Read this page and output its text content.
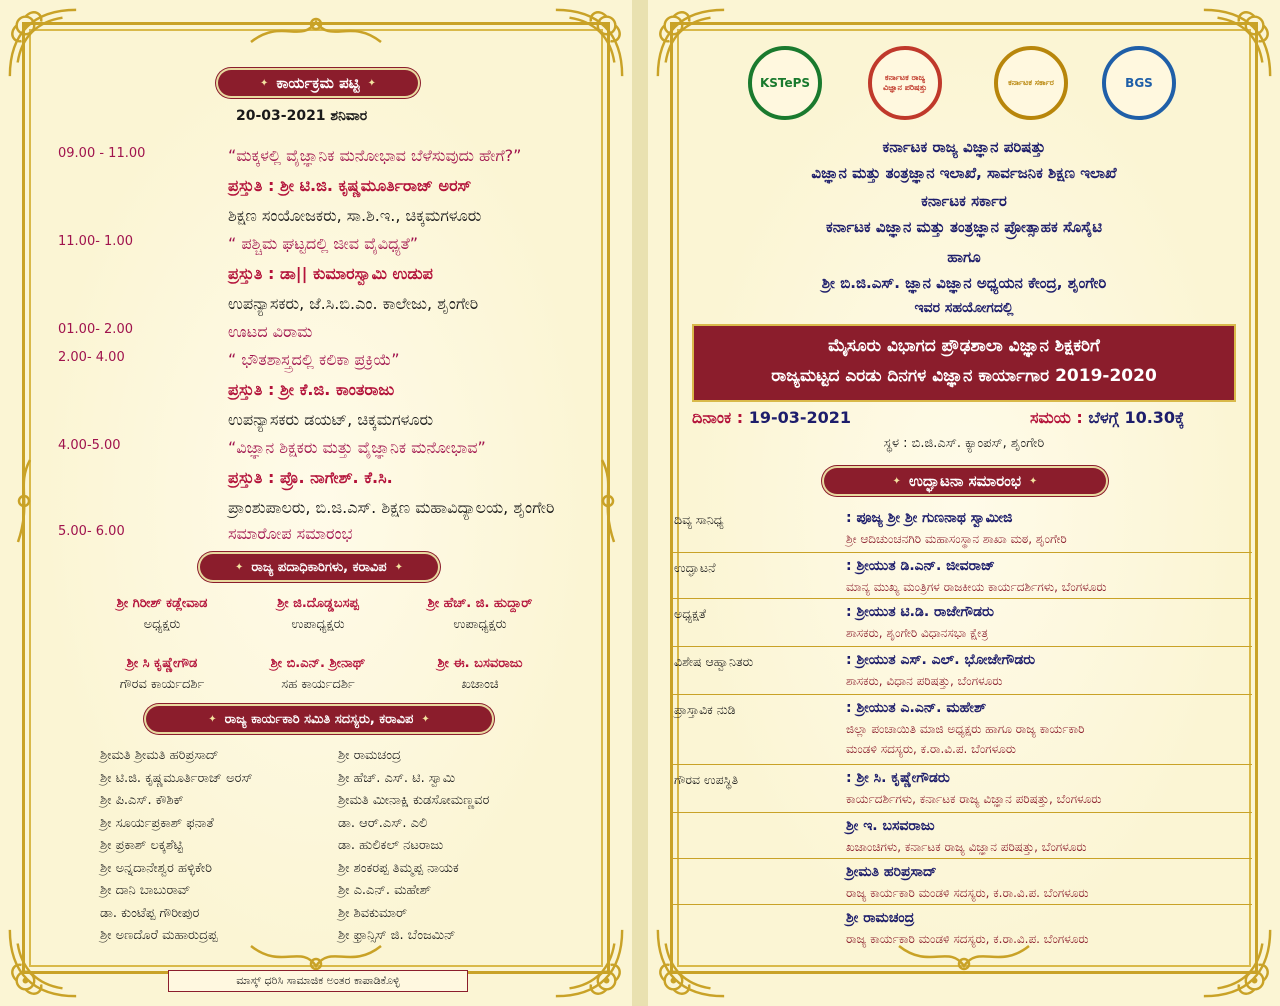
✦ ಕಾರ್ಯಕ್ರಮ ಪಟ್ಟಿ
✦
20-03-2021 ಶನಿವಾರ
09.00 - 11.00	“ಮಕ್ಕಳಲ್ಲಿ ವೈಜ್ಞಾನಿಕ ಮನೋಭಾವ ಬೆಳೆಸುವುದು ಹೇಗೆ?”
ಪ್ರಸ್ತುತಿ : ಶ್ರೀ ಟಿ.ಜಿ. ಕೃಷ್ಣಮೂರ್ತಿರಾಜ್ ಅರಸ್
ಶಿಕ್ಷಣ ಸಂಯೋಜಕರು, ಸಾ.ಶಿ.ಇ., ಚಿಕ್ಕಮಗಳೂರು
11.00- 1.00	“ ಪಶ್ಚಿಮ ಘಟ್ಟದಲ್ಲಿ ಜೀವ ವೈವಿಧ್ಯತೆ”
ಪ್ರಸ್ತುತಿ : ಡಾ|| ಕುಮಾರಸ್ವಾಮಿ ಉಡುಪ
ಉಪನ್ಯಾಸಕರು, ಜೆ.ಸಿ.ಬಿ.ಎಂ. ಕಾಲೇಜು, ಶೃಂಗೇರಿ
01.00- 2.00	ಊಟದ ವಿರಾಮ
2.00- 4.00	“ ಭೌತಶಾಸ್ತ್ರದಲ್ಲಿ ಕಲಿಕಾ ಪ್ರಕ್ರಿಯೆ”
ಪ್ರಸ್ತುತಿ : ಶ್ರೀ ಕೆ.ಜಿ. ಕಾಂತರಾಜು
ಉಪನ್ಯಾಸಕರು ಡಯಟ್, ಚಿಕ್ಕಮಗಳೂರು
4.00-5.00	“ವಿಜ್ಞಾನ ಶಿಕ್ಷಕರು ಮತ್ತು ವೈಜ್ಞಾನಿಕ ಮನೋಭಾವ”
ಪ್ರಸ್ತುತಿ : ಪ್ರೊ. ನಾಗೇಶ್. ಕೆ.ಸಿ.
ಪ್ರಾಂಶುಪಾಲರು, ಬಿ.ಜಿ.ಎಸ್. ಶಿಕ್ಷಣ ಮಹಾವಿದ್ಯಾಲಯ, ಶೃಂಗೇರಿ
5.00- 6.00	ಸಮಾರೋಪ ಸಮಾರಂಭ
✦ ರಾಜ್ಯ ಪದಾಧಿಕಾರಿಗಳು, ಕರಾವಿಪ
✦
ಶ್ರೀ ಗಿರೀಶ್ ಕಡ್ಲೇವಾಡ
ಅಧ್ಯಕ್ಷರು
ಶ್ರೀ ಜಿ.ದೊಡ್ಡಬಸಪ್ಪ
ಉಪಾಧ್ಯಕ್ಷರು
ಶ್ರೀ ಹೆಚ್. ಜಿ. ಹುದ್ದಾರ್
ಉಪಾಧ್ಯಕ್ಷರು
ಶ್ರೀ ಸಿ ಕೃಷ್ಣೇಗೌಡ
ಗೌರವ ಕಾರ್ಯದರ್ಶಿ
ಶ್ರೀ ಬಿ.ಎನ್. ಶ್ರೀನಾಥ್
ಸಹ ಕಾರ್ಯದರ್ಶಿ
ಶ್ರೀ ಈ. ಬಸವರಾಜು
ಖಜಾಂಚಿ
✦ ರಾಜ್ಯ ಕಾರ್ಯಕಾರಿ ಸಮಿತಿ ಸದಸ್ಯರು, ಕರಾವಿಪ
✦
ಶ್ರೀಮತಿ ಶ್ರೀಮತಿ ಹರಿಪ್ರಸಾದ್
ಶ್ರೀ ಟಿ.ಜಿ. ಕೃಷ್ಣಮೂರ್ತಿರಾಜ್ ಅರಸ್
ಶ್ರೀ ಪಿ.ಎಸ್. ಕೌಶಿಕ್
ಶ್ರೀ ಸೂರ್ಯಪ್ರಕಾಶ್ ಫನಾತೆ
ಶ್ರೀ ಪ್ರಕಾಶ್ ಲಕ್ಕಶೆಟ್ಟಿ
ಶ್ರೀ ಅನ್ನದಾನೇಶ್ವರ ಹಳ್ಳಿಕೇರಿ
ಶ್ರೀ ದಾನಿ ಬಾಬುರಾವ್
ಡಾ. ಕುಂಟೆಪ್ಪ ಗೌರೀಪುರ
ಶ್ರೀ ಅಣದೊರೆ ಮಹಾರುದ್ರಪ್ಪ
ಶ್ರೀ ರಾಮಚಂದ್ರ
ಶ್ರೀ ಹೆಚ್. ಎಸ್. ಟಿ. ಸ್ವಾಮಿ
ಶ್ರೀಮತಿ ಮೀನಾಕ್ಷಿ ಕುಡಸೋಮಣ್ಣವರ
ಡಾ. ಆರ್.ಎಸ್. ಎಲಿ
ಡಾ. ಹುಲಿಕಲ್ ನಟರಾಜು
ಶ್ರೀ ಶಂಕರಪ್ಪ ತಿಮ್ಮಪ್ಪ ನಾಯಕ
ಶ್ರೀ ಎ.ಎನ್. ಮಹೇಶ್
ಶ್ರೀ ಶಿವಕುಮಾರ್
ಶ್ರೀ ಫ್ರಾನ್ಸಿಸ್ ಜಿ. ಬೆಂಜಮಿನ್
ಮಾಸ್ಕ್ ಧರಿಸಿ ಸಾಮಾಜಿಕ ಅಂತರ ಕಾಪಾಡಿಕೊಳ್ಳಿ
KSTePS	ಕರ್ನಾಟಕ ರಾಜ್ಯ ವಿಜ್ಞಾನ ಪರಿಷತ್ತು
ಕರ್ನಾಟಕ ಸರ್ಕಾರ	BGS
ಕರ್ನಾಟಕ ರಾಜ್ಯ ವಿಜ್ಞಾನ ಪರಿಷತ್ತು
ವಿಜ್ಞಾನ ಮತ್ತು ತಂತ್ರಜ್ಞಾನ ಇಲಾಖೆ, ಸಾರ್ವಜನಿಕ ಶಿಕ್ಷಣ ಇಲಾಖೆ
ಕರ್ನಾಟಕ ಸರ್ಕಾರ
ಕರ್ನಾಟಕ ವಿಜ್ಞಾನ ಮತ್ತು ತಂತ್ರಜ್ಞಾನ ಪ್ರೋತ್ಸಾಹಕ ಸೊಸೈಟಿ
ಹಾಗೂ
ಶ್ರೀ ಬಿ.ಜಿ.ಎಸ್. ಜ್ಞಾನ ವಿಜ್ಞಾನ ಅಧ್ಯಯನ ಕೇಂದ್ರ, ಶೃಂಗೇರಿ
ಇವರ ಸಹಯೋಗದಲ್ಲಿ
ಮೈಸೂರು ವಿಭಾಗದ ಪ್ರೌಢಶಾಲಾ ವಿಜ್ಞಾನ ಶಿಕ್ಷಕರಿಗೆ
ರಾಜ್ಯಮಟ್ಟದ ಎರಡು ದಿನಗಳ ವಿಜ್ಞಾನ ಕಾರ್ಯಾಗಾರ 2019-2020
ದಿನಾಂಕ : 19-03-2021	ಸಮಯ : ಬೆಳಗ್ಗೆ 10.30ಕ್ಕೆ
ಸ್ಥಳ : ಬಿ.ಜಿ.ಎಸ್. ಕ್ಯಾಂಪಸ್, ಶೃಂಗೇರಿ
✦ ಉದ್ಘಾಟನಾ ಸಮಾರಂಭ
✦
ದಿವ್ಯ ಸಾನಿಧ್ಯ	: ಪೂಜ್ಯ ಶ್ರೀ ಶ್ರೀ ಗುಣನಾಥ ಸ್ವಾಮೀಜಿ
ಶ್ರೀ ಆದಿಚುಂಚನಗಿರಿ ಮಹಾಸಂಸ್ಥಾನ ಶಾಖಾ ಮಠ, ಶೃಂಗೇರಿ
ಉದ್ಘಾಟನೆ	: ಶ್ರೀಯುತ ಡಿ.ಎನ್. ಜೀವರಾಜ್
ಮಾನ್ಯ ಮುಖ್ಯ ಮಂತ್ರಿಗಳ ರಾಜಕೀಯ ಕಾರ್ಯದರ್ಶಿಗಳು, ಬೆಂಗಳೂರು
ಅಧ್ಯಕ್ಷತೆ	: ಶ್ರೀಯುತ ಟಿ.ಡಿ. ರಾಜೇಗೌಡರು
ಶಾಸಕರು, ಶೃಂಗೇರಿ ವಿಧಾನಸಭಾ ಕ್ಷೇತ್ರ
ವಿಶೇಷ ಆಹ್ವಾನಿತರು	: ಶ್ರೀಯುತ ಎಸ್. ಎಲ್. ಭೋಜೇಗೌಡರು
ಶಾಸಕರು, ವಿಧಾನ ಪರಿಷತ್ತು, ಬೆಂಗಳೂರು
ಪ್ರಾಸ್ತಾವಿಕ ನುಡಿ	: ಶ್ರೀಯುತ ಎ.ಎನ್. ಮಹೇಶ್
ಜಿಲ್ಲಾ ಪಂಚಾಯಿತಿ ಮಾಜಿ ಅಧ್ಯಕ್ಷರು ಹಾಗೂ ರಾಜ್ಯ ಕಾರ್ಯಕಾರಿ
ಮಂಡಳಿ ಸದಸ್ಯರು, ಕ.ರಾ.ವಿ.ಪ. ಬೆಂಗಳೂರು
ಗೌರವ ಉಪಸ್ಥಿತಿ	: ಶ್ರೀ ಸಿ. ಕೃಷ್ಣೇಗೌಡರು
ಕಾರ್ಯದರ್ಶಿಗಳು, ಕರ್ನಾಟಕ ರಾಜ್ಯ ವಿಜ್ಞಾನ ಪರಿಷತ್ತು, ಬೆಂಗಳೂರು
ಶ್ರೀ ಇ. ಬಸವರಾಜು
ಖಜಾಂಚಿಗಳು, ಕರ್ನಾಟಕ ರಾಜ್ಯ ವಿಜ್ಞಾನ ಪರಿಷತ್ತು, ಬೆಂಗಳೂರು
ಶ್ರೀಮತಿ ಹರಿಪ್ರಸಾದ್
ರಾಜ್ಯ ಕಾರ್ಯಕಾರಿ ಮಂಡಳಿ ಸದಸ್ಯರು, ಕ.ರಾ.ವಿ.ಪ. ಬೆಂಗಳೂರು
ಶ್ರೀ ರಾಮಚಂದ್ರ
ರಾಜ್ಯ ಕಾರ್ಯಕಾರಿ ಮಂಡಳಿ ಸದಸ್ಯರು, ಕ.ರಾ.ವಿ.ಪ. ಬೆಂಗಳೂರು
